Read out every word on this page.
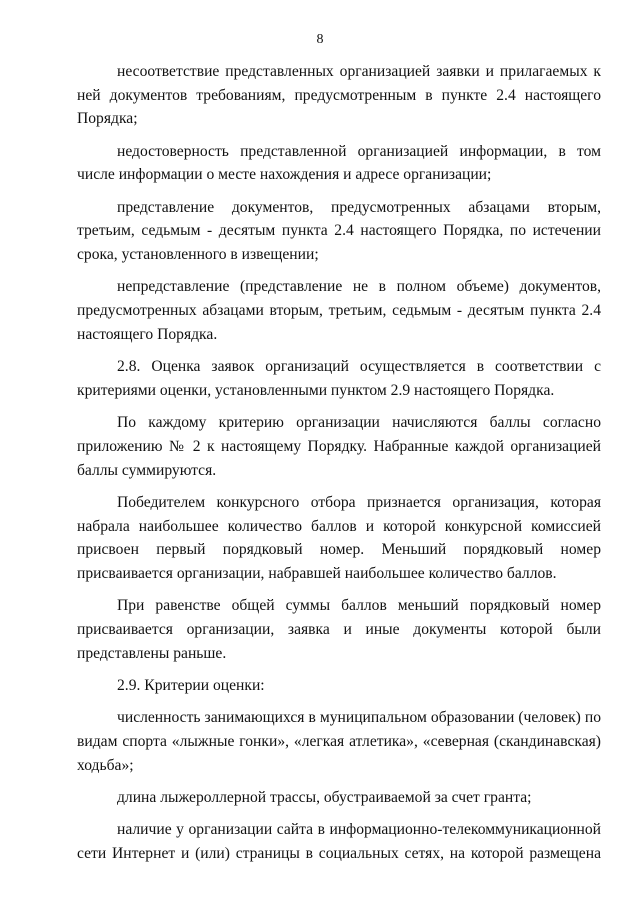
8

несоответствие представленных организацией заявки и прилагаемых к ней документов требованиям, предусмотренным в пункте 2.4 настоящего Порядка;

недостоверность представленной организацией информации, в том числе информации о месте нахождения и адресе организации;

представление документов, предусмотренных абзацами вторым, третьим, седьмым - десятым пункта 2.4 настоящего Порядка, по истечении срока, установленного в извещении;

непредставление (представление не в полном объеме) документов, предусмотренных абзацами вторым, третьим, седьмым - десятым пункта 2.4 настоящего Порядка.

2.8. Оценка заявок организаций осуществляется в соответствии с критериями оценки, установленными пунктом 2.9 настоящего Порядка.

По каждому критерию организации начисляются баллы согласно приложению № 2 к настоящему Порядку. Набранные каждой организацией баллы суммируются.

Победителем конкурсного отбора признается организация, которая набрала наибольшее количество баллов и которой конкурсной комиссией присвоен первый порядковый номер. Меньший порядковый номер присваивается организации, набравшей наибольшее количество баллов.

При равенстве общей суммы баллов меньший порядковый номер присваивается организации, заявка и иные документы которой были представлены раньше.

2.9. Критерии оценки:

численность занимающихся в муниципальном образовании (человек) по видам спорта «лыжные гонки», «легкая атлетика», «северная (скандинавская) ходьба»;

длина лыжероллерной трассы, обустраиваемой за счет гранта;

наличие у организации сайта в информационно-телекоммуникационной сети Интернет и (или) страницы в социальных сетях, на которой размещена
